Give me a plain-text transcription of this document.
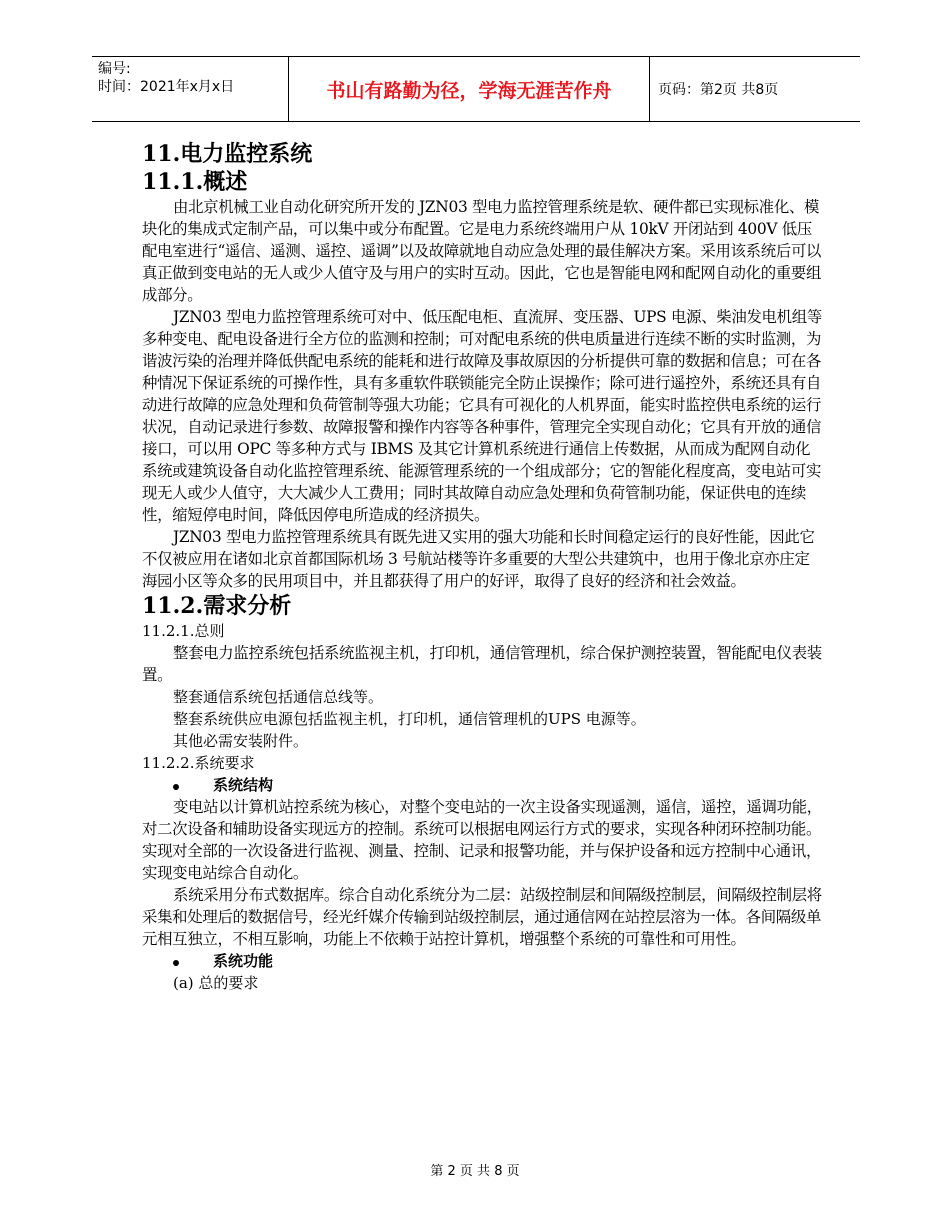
编号:
时间：2021年x月x日	书山有路勤为径，学海无涯苦作舟	页码：第2页 共8页
11.电力监控系统
11.1.概述

由北京机械工业自动化研究所开发的 JZN03 型电力监控管理系统是软、硬件都已实现标准化、模块化的集成式定制产品，可以集中或分布配置。它是电力系统终端用户从 10kV 开闭站到 400V 低压配电室进行“遥信、遥测、遥控、遥调”以及故障就地自动应急处理的最佳解决方案。采用该系统后可以真正做到变电站的无人或少人值守及与用户的实时互动。因此，它也是智能电网和配网自动化的重要组成部分。

JZN03 型电力监控管理系统可对中、低压配电柜、直流屏、变压器、UPS 电源、柴油发电机组等多种变电、配电设备进行全方位的监测和控制；可对配电系统的供电质量进行连续不断的实时监测，为谐波污染的治理并降低供配电系统的能耗和进行故障及事故原因的分析提供可靠的数据和信息；可在各种情况下保证系统的可操作性，具有多重软件联锁能完全防止误操作；除可进行遥控外，系统还具有自动进行故障的应急处理和负荷管制等强大功能；它具有可视化的人机界面，能实时监控供电系统的运行状况，自动记录进行参数、故障报警和操作内容等各种事件，管理完全实现自动化；它具有开放的通信接口，可以用 OPC 等多种方式与 IBMS 及其它计算机系统进行通信上传数据，从而成为配网自动化系统或建筑设备自动化监控管理系统、能源管理系统的一个组成部分；它的智能化程度高，变电站可实现无人或少人值守，大大减少人工费用；同时其故障自动应急处理和负荷管制功能，保证供电的连续性，缩短停电时间，降低因停电所造成的经济损失。

JZN03 型电力监控管理系统具有既先进又实用的强大功能和长时间稳定运行的良好性能，因此它不仅被应用在诸如北京首都国际机场 3 号航站楼等许多重要的大型公共建筑中，也用于像北京亦庄定海园小区等众多的民用项目中，并且都获得了用户的好评，取得了良好的经济和社会效益。

11.2.需求分析
11.2.1.总则

整套电力监控系统包括系统监视主机，打印机，通信管理机，综合保护测控装置，智能配电仪表装置。

整套通信系统包括通信总线等。
整套系统供应电源包括监视主机，打印机，通信管理机的UPS 电源等。
其他必需安装附件。
11.2.2.系统要求
系统结构

变电站以计算机站控系统为核心，对整个变电站的一次主设备实现遥测，遥信，遥控，遥调功能，对二次设备和辅助设备实现远方的控制。系统可以根据电网运行方式的要求，实现各种闭环控制功能。实现对全部的一次设备进行监视、测量、控制、记录和报警功能，并与保护设备和远方控制中心通讯，实现变电站综合自动化。

系统采用分布式数据库。综合自动化系统分为二层：站级控制层和间隔级控制层，间隔级控制层将采集和处理后的数据信号，经光纤媒介传输到站级控制层，通过通信网在站控层溶为一体。各间隔级单元相互独立，不相互影响，功能上不依赖于站控计算机，增强整个系统的可靠性和可用性。

系统功能
(a) 总的要求
第 2 页 共 8 页
